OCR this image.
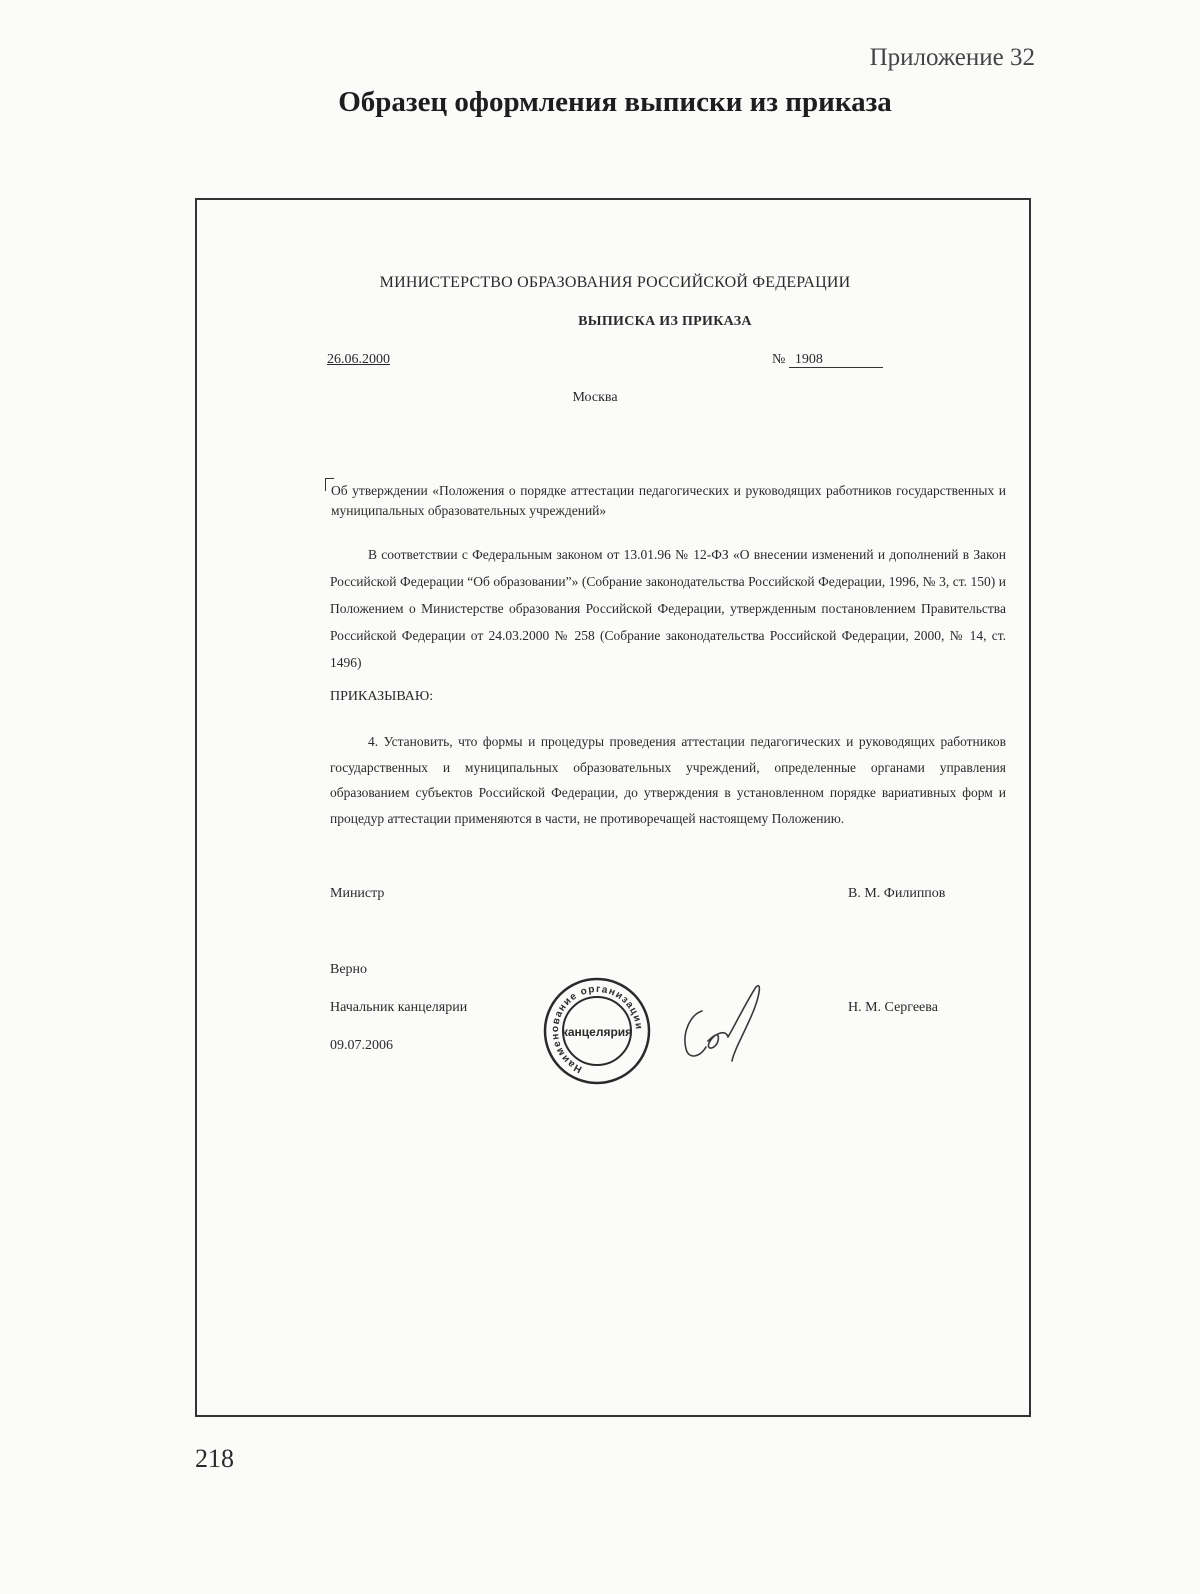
Приложение 32
Образец оформления выписки из приказа
МИНИСТЕРСТВО ОБРАЗОВАНИЯ РОССИЙСКОЙ ФЕДЕРАЦИИ
ВЫПИСКА ИЗ ПРИКАЗА
26.06.2000	№ 1908
Москва
Об утверждении «Положения о порядке аттестации педагогических и руководящих работников государственных и муниципальных образовательных учреждений»
В соответствии с Федеральным законом от 13.01.96 № 12-ФЗ «О внесении изменений и дополнений в Закон Российской Федерации “Об образовании”» (Собрание законодательства Российской Федерации, 1996, № 3, ст. 150) и Положением о Министерстве образования Российской Федерации, утвержденным постановлением Правительства Российской Федерации от 24.03.2000 № 258 (Собрание законодательства Российской Федерации, 2000, № 14, ст. 1496)
ПРИКАЗЫВАЮ:
4. Установить, что формы и процедуры проведения аттестации педагогических и руководящих работников государственных и муниципальных образовательных учреждений, определенные органами управления образованием субъектов Российской Федерации, до утверждения в установленном порядке вариативных форм и процедур аттестации применяются в части, не противоречащей настоящему Положению.
Министр	В. М. Филиппов
Верно
Начальник канцелярии	Н. М. Сергеева
09.07.2006
Наименование организации
канцелярия
218
